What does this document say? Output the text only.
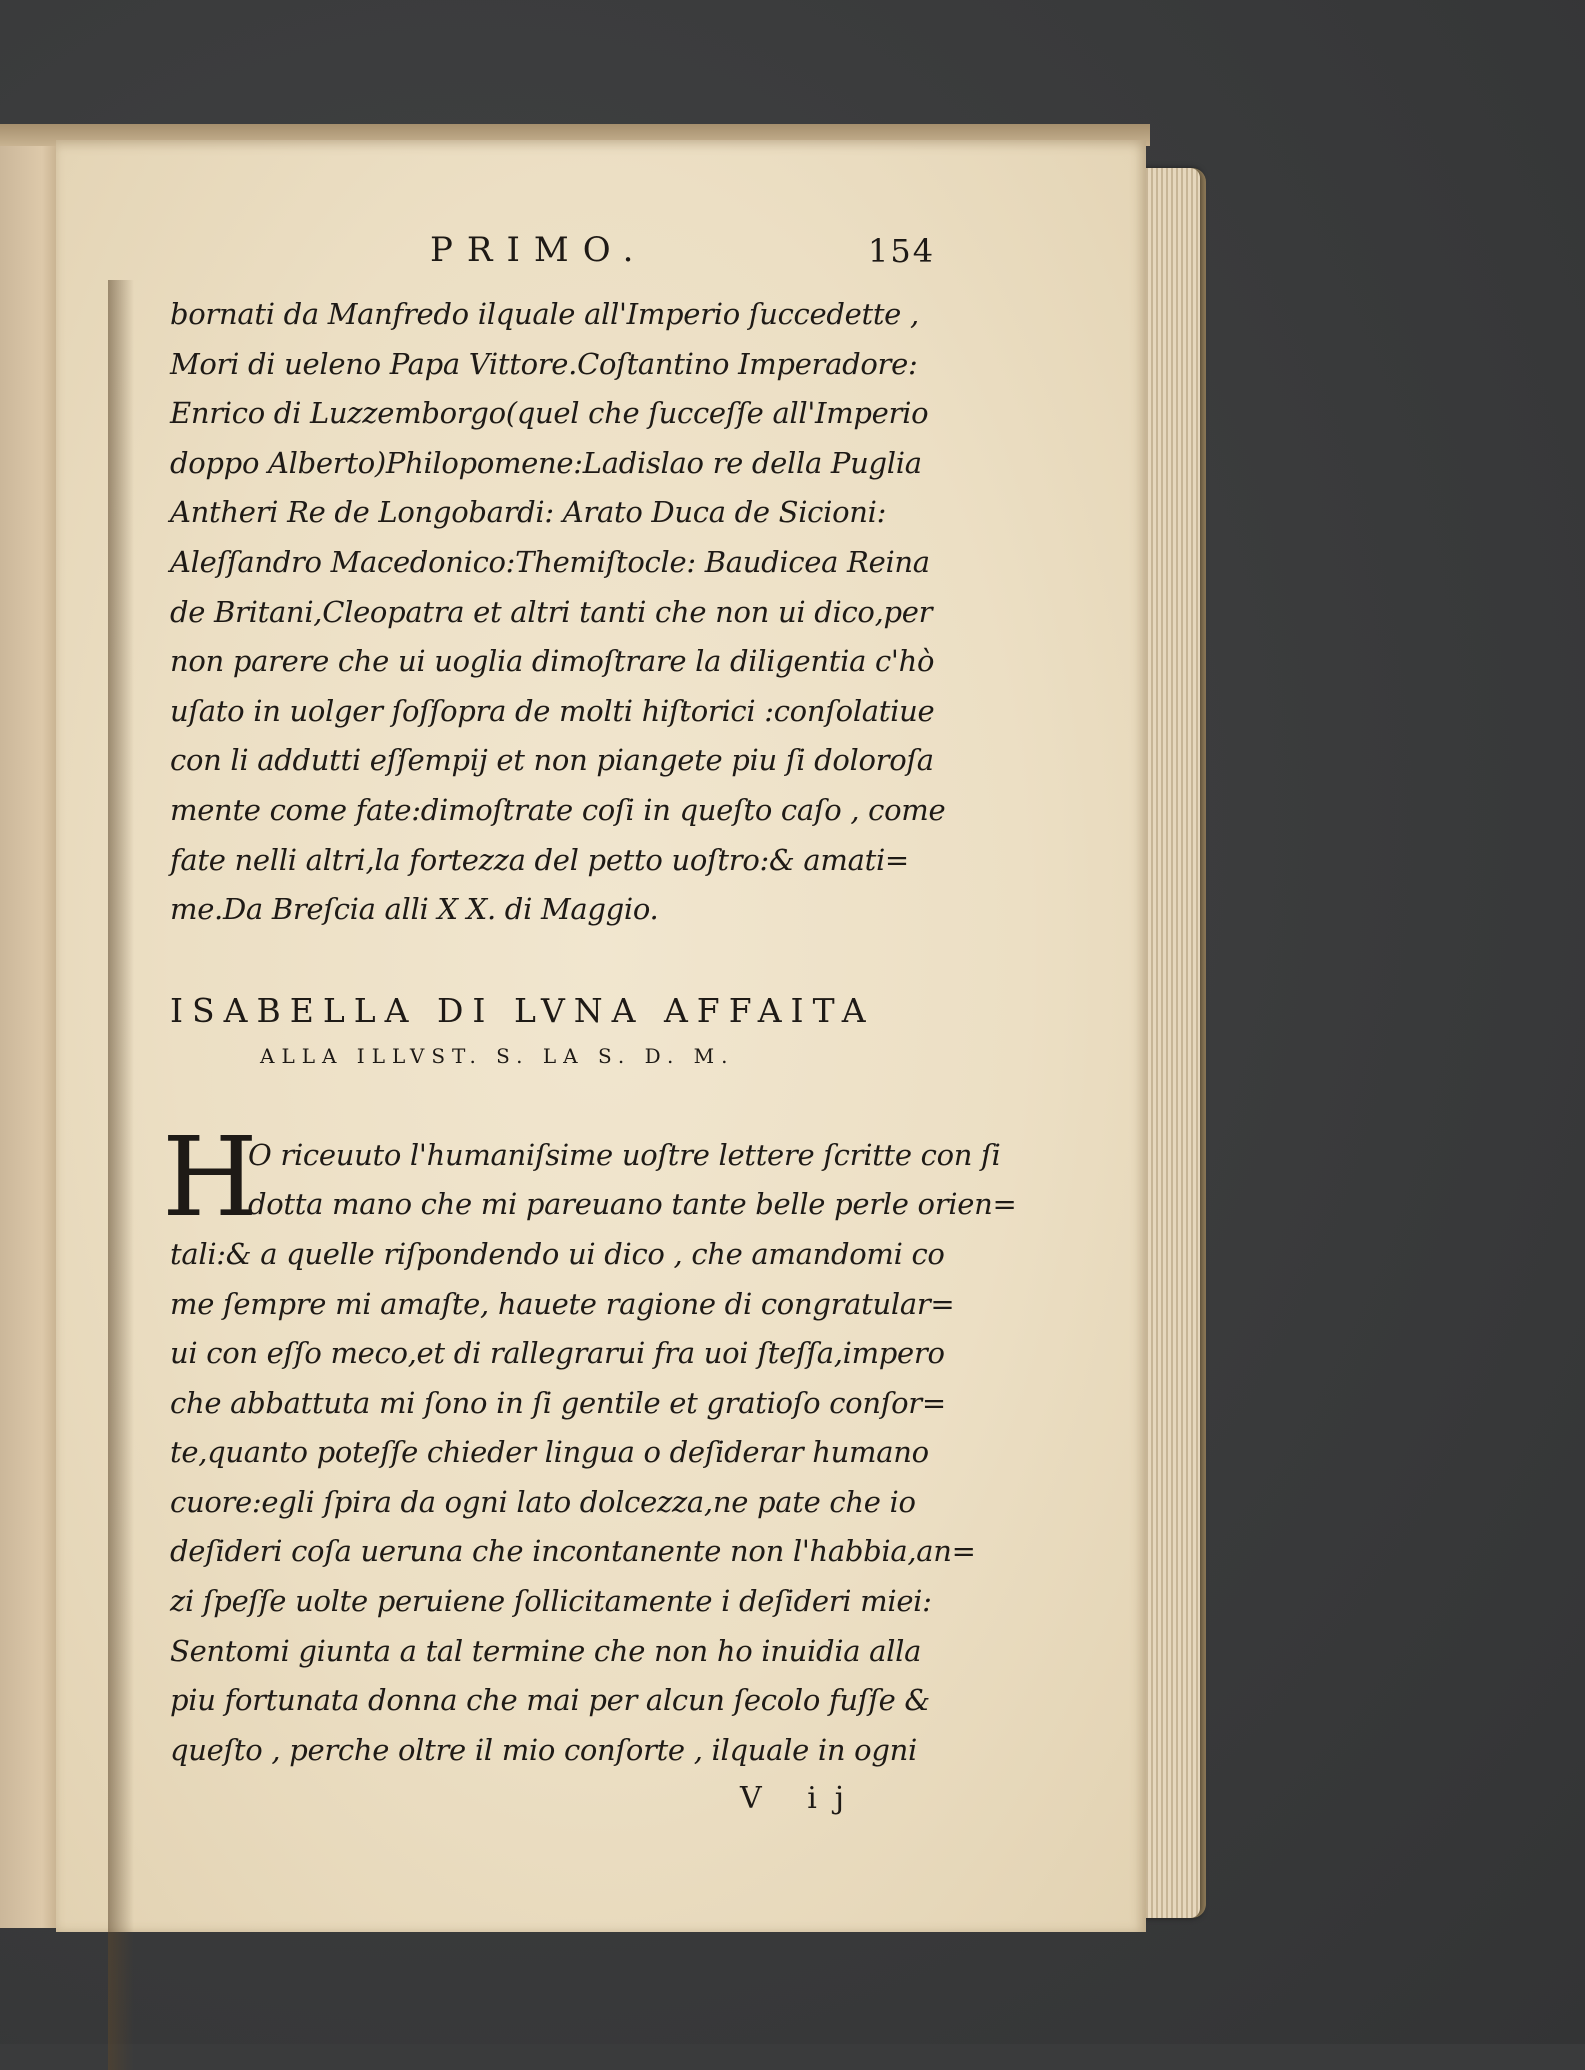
PRIMO.	154
bornati da Manfredo ilquale all'Imperio ſuccedette ,
Mori di ueleno Papa Vittore.Coſtantino Imperadore:
Enrico di Luzzemborgo(quel che ſucceſſe all'Imperio
doppo Alberto)Philopomene:Ladislao re della Puglia
Antheri Re de Longobardi: Arato Duca de Sicioni:
Aleſſandro Macedonico:Themiſtocle: Baudicea Reina
de Britani,Cleopatra et altri tanti che non ui dico,per
non parere che ui uoglia dimoſtrare la diligentia c'hò
uſato in uolger ſoſſopra de molti hiſtorici :conſolatiue
con li addutti eſſempij et non piangete piu ſi doloroſa
mente come fate:dimoſtrate coſi in queſto caſo , come
fate nelli altri,la fortezza del petto uoſtro:& amati=
me.Da Breſcia alli X X. di Maggio.
ISABELLA DI LVNA AFFAITA
ALLA ILLVST. S. LA S. D. M.
H
O riceuuto l'humaniſsime uoſtre lettere ſcritte con ſi
dotta mano che mi pareuano tante belle perle orien=
tali:& a quelle riſpondendo ui dico , che amandomi co
me ſempre mi amaſte, hauete ragione di congratular=
ui con eſſo meco,et di rallegrarui fra uoi ſteſſa,impero
che abbattuta mi ſono in ſi gentile et gratioſo conſor=
te,quanto poteſſe chieder lingua o deſiderar humano
cuore:egli ſpira da ogni lato dolcezza,ne pate che io
deſideri coſa ueruna che incontanente non l'habbia,an=
zi ſpeſſe uolte peruiene ſollicitamente i deſideri miei:
Sentomi giunta a tal termine che non ho inuidia alla
piu fortunata donna che mai per alcun ſecolo fuſſe &
queſto , perche oltre il mio conſorte , ilquale in ogni
V ij
